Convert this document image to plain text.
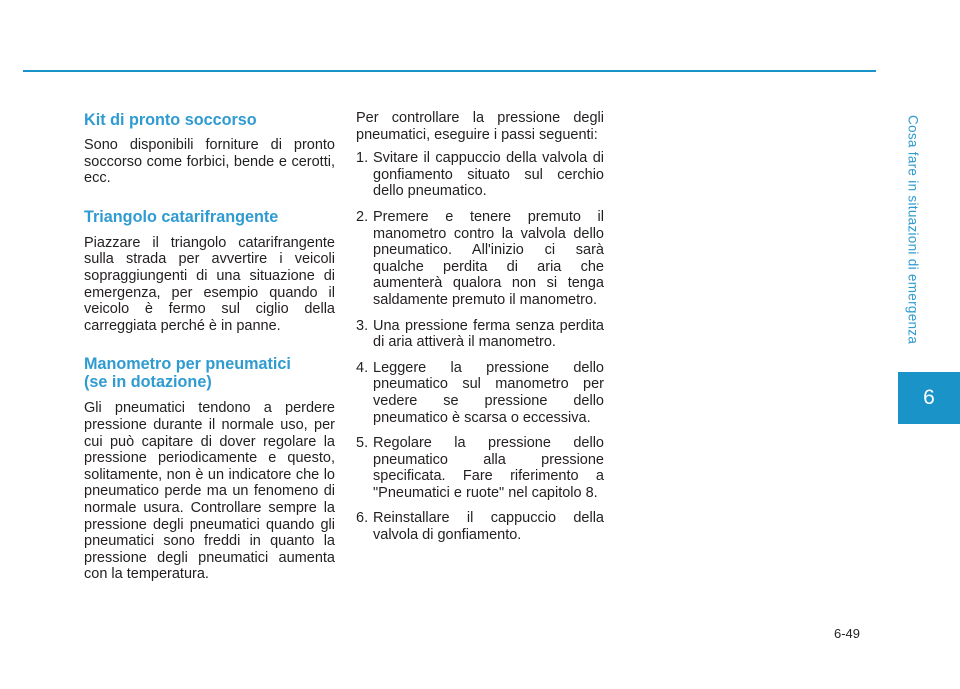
Kit di pronto soccorso

Sono disponibili forniture di pronto soccorso come forbici, bende e cerotti, ecc.

Triangolo catarifrangente

Piazzare il triangolo catarifrangente sulla strada per avvertire i veicoli sopraggiungenti di una situazione di emergenza, per esempio quando il veicolo è fermo sul ciglio della carreggiata perché è in panne.

Manometro per pneumatici
(se in dotazione)

Gli pneumatici tendono a perdere pressione durante il normale uso, per cui può capitare di dover regolare la pressione periodicamente e questo, solitamente, non è un indicatore che lo pneumatico perde ma un fenomeno di normale usura. Controllare sempre la pressione degli pneumatici quando gli pneumatici sono freddi in quanto la pressione degli pneumatici aumenta con la temperatura.

Per controllare la pressione degli pneumatici, eseguire i passi seguenti:

1. Svitare il cappuccio della valvola di gonfiamento situato sul cerchio dello pneumatico.
2. Premere e tenere premuto il manometro contro la valvola dello pneumatico. All'inizio ci sarà qualche perdita di aria che aumenterà qualora non si tenga saldamente premuto il manometro.
3. Una pressione ferma senza perdita di aria attiverà il manometro.
4. Leggere la pressione dello pneumatico sul manometro per vedere se pressione dello pneumatico è scarsa o eccessiva.
5. Regolare la pressione dello pneumatico alla pressione specificata. Fare riferimento a "Pneumatici e ruote" nel capitolo 8.
6. Reinstallare il cappuccio della valvola di gonfiamento.
Cosa fare in situazioni di emergenza
6
6-49
